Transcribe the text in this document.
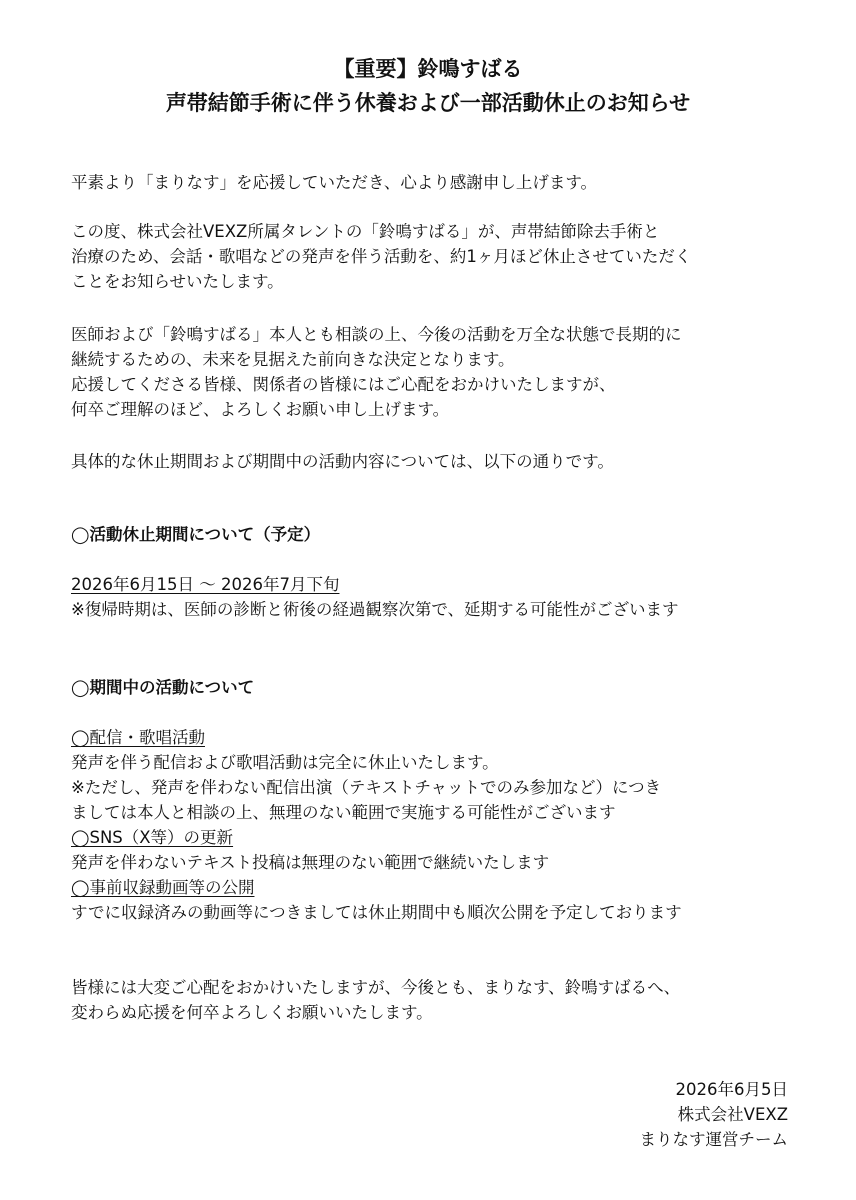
【重要】鈴鳴すばる
声帯結節手術に伴う休養および一部活動休止のお知らせ

平素より「まりなす」を応援していただき、心より感謝申し上げます。

この度、株式会社VEXZ所属タレントの「鈴鳴すばる」が、声帯結節除去手術と
治療のため、会話・歌唱などの発声を伴う活動を、約1ヶ月ほど休止させていただく
ことをお知らせいたします。

医師および「鈴鳴すばる」本人とも相談の上、今後の活動を万全な状態で長期的に
継続するための、未来を見据えた前向きな決定となります。
応援してくださる皆様、関係者の皆様にはご心配をおかけいたしますが、
何卒ご理解のほど、よろしくお願い申し上げます。

具体的な休止期間および期間中の活動内容については、以下の通りです。

◯活動休止期間について（予定）

2026年6月15日 ～ 2026年7月下旬
※復帰時期は、医師の診断と術後の経過観察次第で、延期する可能性がございます

◯期間中の活動について

◯配信・歌唱活動
発声を伴う配信および歌唱活動は完全に休止いたします。
※ただし、発声を伴わない配信出演（テキストチャットでのみ参加など）につき
ましては本人と相談の上、無理のない範囲で実施する可能性がございます
◯SNS（X等）の更新
発声を伴わないテキスト投稿は無理のない範囲で継続いたします
◯事前収録動画等の公開
すでに収録済みの動画等につきましては休止期間中も順次公開を予定しております

皆様には大変ご心配をおかけいたしますが、今後とも、まりなす、鈴鳴すばるへ、
変わらぬ応援を何卒よろしくお願いいたします。

2026年6月5日
株式会社VEXZ
まりなす運営チーム
